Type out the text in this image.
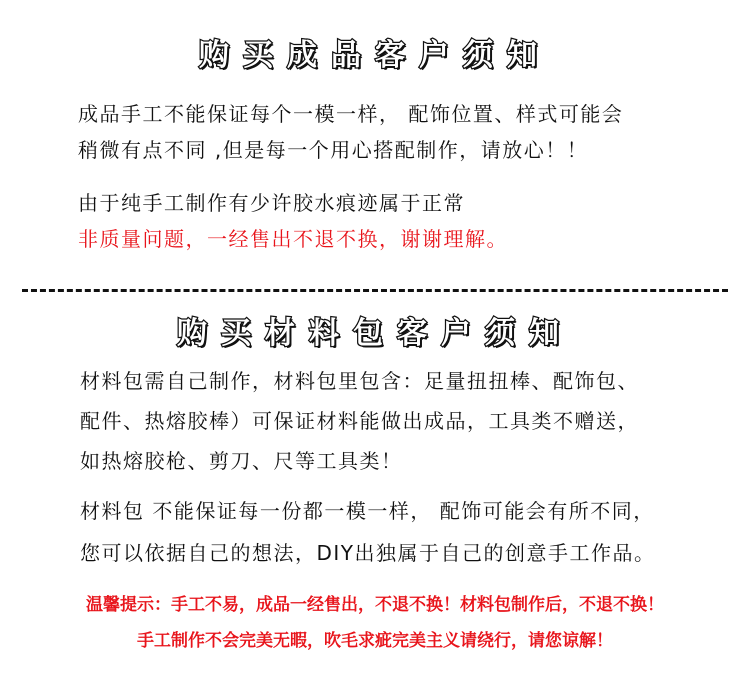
购买成品客户须知
成品手工不能保证每个一模一样， 配饰位置、样式可能会
稍微有点不同 ,但是每一个用心搭配制作，请放心！！
由于纯手工制作有少许胶水痕迹属于正常
非质量问题，一经售出不退不换，谢谢理解。
购买材料包客户须知
材料包需自己制作，材料包里包含：足量扭扭棒、配饰包、
配件、热熔胶棒）可保证材料能做出成品，工具类不赠送，
如热熔胶枪、剪刀、尺等工具类！
材料包 不能保证每一份都一模一样， 配饰可能会有所不同，
您可以依据自己的想法，DIY出独属于自己的创意手工作品。
温馨提示：手工不易，成品一经售出，不退不换！材料包制作后，不退不换！
手工制作不会完美无暇，吹毛求疵完美主义请绕行，请您谅解！
